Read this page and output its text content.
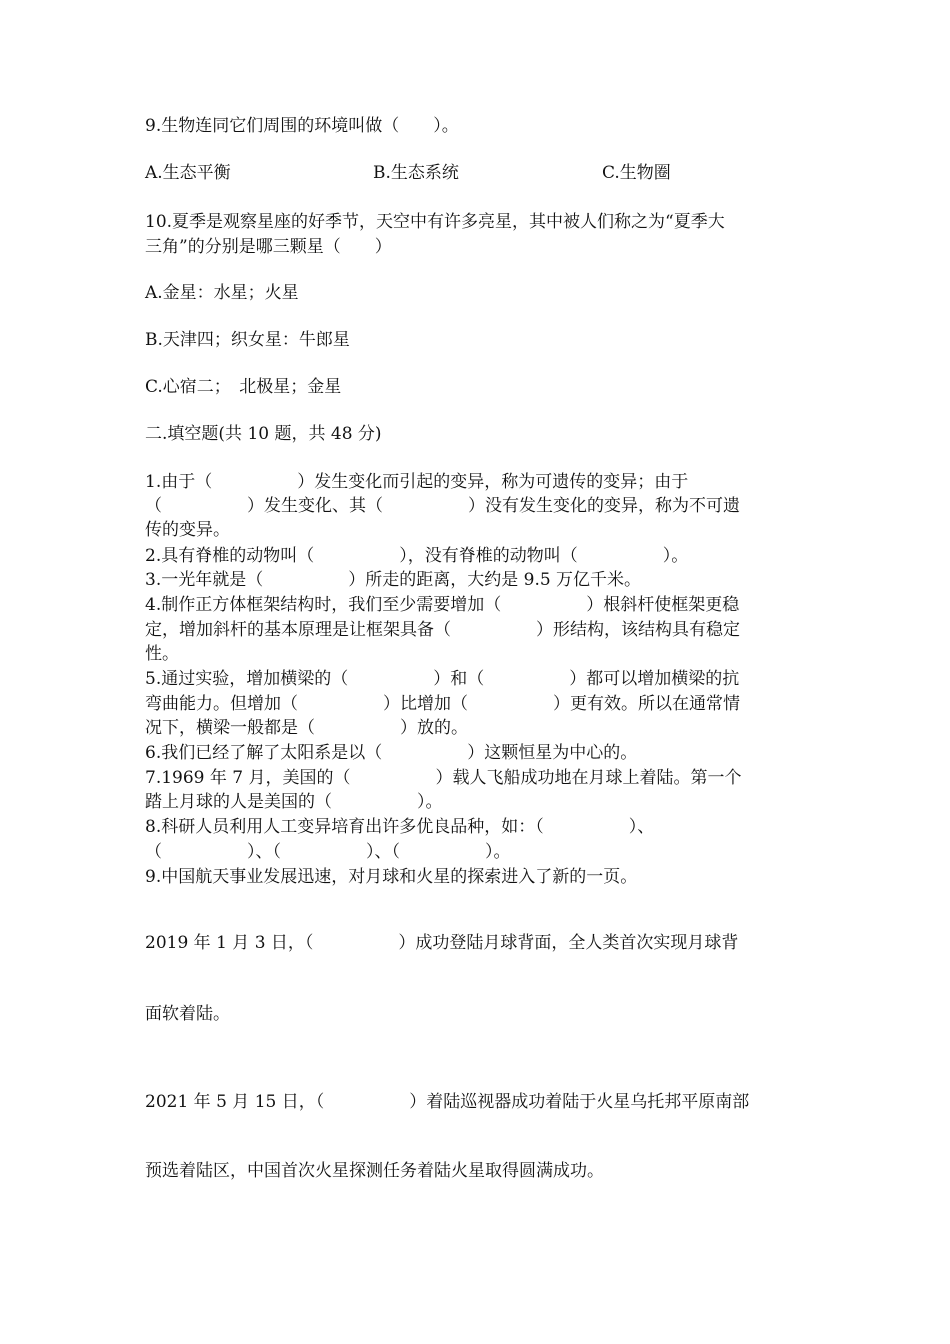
9.生物连同它们周围的环境叫做（　　）。
A.生态平衡	B.生态系统	C.生物圈
10.夏季是观察星座的好季节，天空中有许多亮星，其中被人们称之为“夏季大
三角”的分别是哪三颗星（　　）
A.金星：水星；火星
B.天津四；织女星：牛郎星
C.心宿二；　北极星；金星
二.填空题(共 10 题，共 48 分)
1.由于（　　　　　）发生变化而引起的变异，称为可遗传的变异；由于
（　　　　　）发生变化、其（　　　　　）没有发生变化的变异，称为不可遗
传的变异。
2.具有脊椎的动物叫（　　　　　），没有脊椎的动物叫（　　　　　）。
3.一光年就是（　　　　　）所走的距离，大约是 9.5 万亿千米。
4.制作正方体框架结构时，我们至少需要增加（　　　　　）根斜杆使框架更稳
定，增加斜杆的基本原理是让框架具备（　　　　　）形结构，该结构具有稳定
性。
5.通过实验，增加横梁的（　　　　　）和（　　　　　）都可以增加横梁的抗
弯曲能力。但增加（　　　　　）比增加（　　　　　）更有效。所以在通常情
况下，横梁一般都是（　　　　　）放的。
6.我们已经了解了太阳系是以（　　　　　）这颗恒星为中心的。
7.1969 年 7 月，美国的（　　　　　）载人飞船成功地在月球上着陆。第一个
踏上月球的人是美国的（　　　　　）。
8.科研人员利用人工变异培育出许多优良品种，如：（　　　　　）、
（　　　　　）、（　　　　　）、（　　　　　）。
9.中国航天事业发展迅速，对月球和火星的探索进入了新的一页。
2019 年 1 月 3 日，（　　　　　）成功登陆月球背面，全人类首次实现月球背
面软着陆。
2021 年 5 月 15 日，（　　　　　）着陆巡视器成功着陆于火星乌托邦平原南部
预选着陆区，中国首次火星探测任务着陆火星取得圆满成功。
